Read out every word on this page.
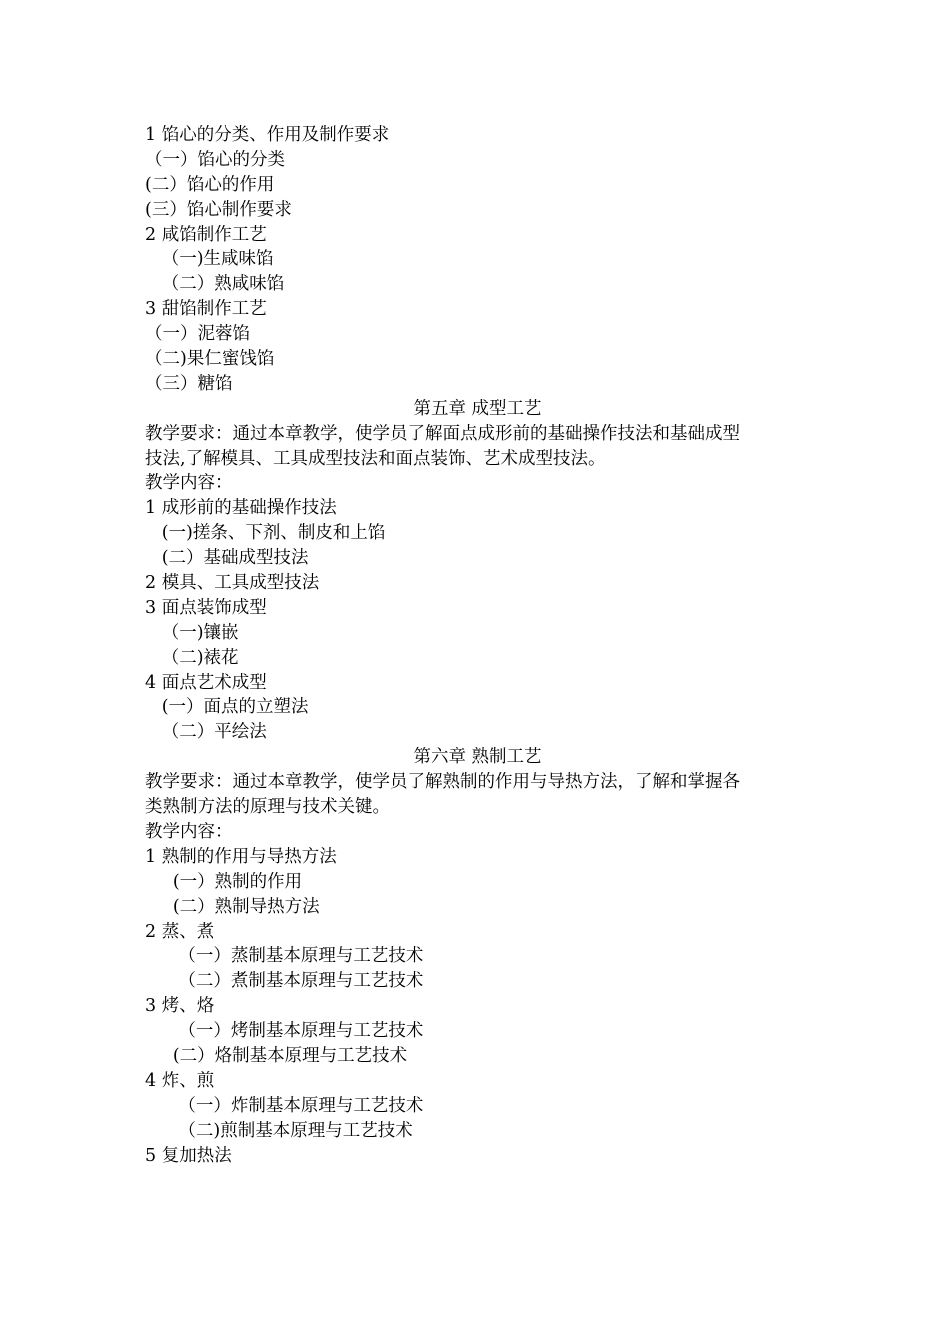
1 馅心的分类、作用及制作要求
（一）馅心的分类
(二）馅心的作用
(三）馅心制作要求
2 咸馅制作工艺
（一)生咸味馅
（二）熟咸味馅
3 甜馅制作工艺
（一）泥蓉馅
（二)果仁蜜饯馅
（三）糖馅
第五章 成型工艺
教学要求：通过本章教学，使学员了解面点成形前的基础操作技法和基础成型
技法,了解模具、工具成型技法和面点装饰、艺术成型技法。
教学内容：
1 成形前的基础操作技法
(一)搓条、下剂、制皮和上馅
(二）基础成型技法
2 模具、工具成型技法
3 面点装饰成型
（一)镶嵌
（二)裱花
4 面点艺术成型
(一）面点的立塑法
（二）平绘法
第六章 熟制工艺
教学要求：通过本章教学，使学员了解熟制的作用与导热方法，了解和掌握各
类熟制方法的原理与技术关键。
教学内容：
1 熟制的作用与导热方法
(一）熟制的作用
(二）熟制导热方法
2 蒸、煮
（一）蒸制基本原理与工艺技术
（二）煮制基本原理与工艺技术
3 烤、烙
（一）烤制基本原理与工艺技术
(二）烙制基本原理与工艺技术
4 炸、煎
（一）炸制基本原理与工艺技术
（二)煎制基本原理与工艺技术
5 复加热法
